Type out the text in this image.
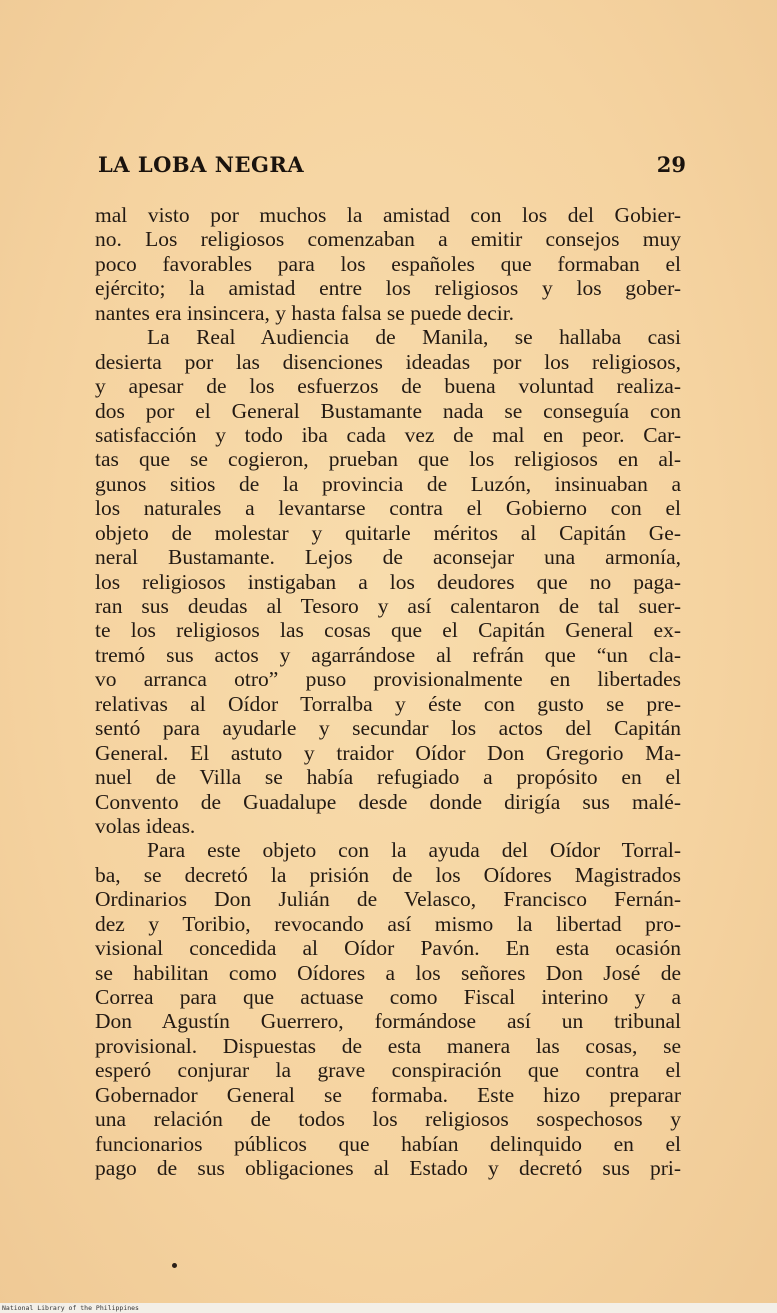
LA LOBA NEGRA	29
mal visto por muchos la amistad con los del Gobier-
no. Los religiosos comenzaban a emitir consejos muy
poco favorables para los españoles que formaban el
ejército; la amistad entre los religiosos y los gober-
nantes era insincera, y hasta falsa se puede decir.
La Real Audiencia de Manila, se hallaba casi
desierta por las disenciones ideadas por los religiosos,
y apesar de los esfuerzos de buena voluntad realiza-
dos por el General Bustamante nada se conseguía con
satisfacción y todo iba cada vez de mal en peor. Car-
tas que se cogieron, prueban que los religiosos en al-
gunos sitios de la provincia de Luzón, insinuaban a
los naturales a levantarse contra el Gobierno con el
objeto de molestar y quitarle méritos al Capitán Ge-
neral Bustamante. Lejos de aconsejar una armonía,
los religiosos instigaban a los deudores que no paga-
ran sus deudas al Tesoro y así calentaron de tal suer-
te los religiosos las cosas que el Capitán General ex-
tremó sus actos y agarrándose al refrán que “un cla-
vo arranca otro” puso provisionalmente en libertades
relativas al Oídor Torralba y éste con gusto se pre-
sentó para ayudarle y secundar los actos del Capitán
General. El astuto y traidor Oídor Don Gregorio Ma-
nuel de Villa se había refugiado a propósito en el
Convento de Guadalupe desde donde dirigía sus malé-
volas ideas.
Para este objeto con la ayuda del Oídor Torral-
ba, se decretó la prisión de los Oídores Magistrados
Ordinarios Don Julián de Velasco, Francisco Fernán-
dez y Toribio, revocando así mismo la libertad pro-
visional concedida al Oídor Pavón. En esta ocasión
se habilitan como Oídores a los señores Don José de
Correa para que actuase como Fiscal interino y a
Don Agustín Guerrero, formándose así un tribunal
provisional. Dispuestas de esta manera las cosas, se
esperó conjurar la grave conspiración que contra el
Gobernador General se formaba. Este hizo preparar
una relación de todos los religiosos sospechosos y
funcionarios públicos que habían delinquido en el
pago de sus obligaciones al Estado y decretó sus pri-
National Library of the Philippines
